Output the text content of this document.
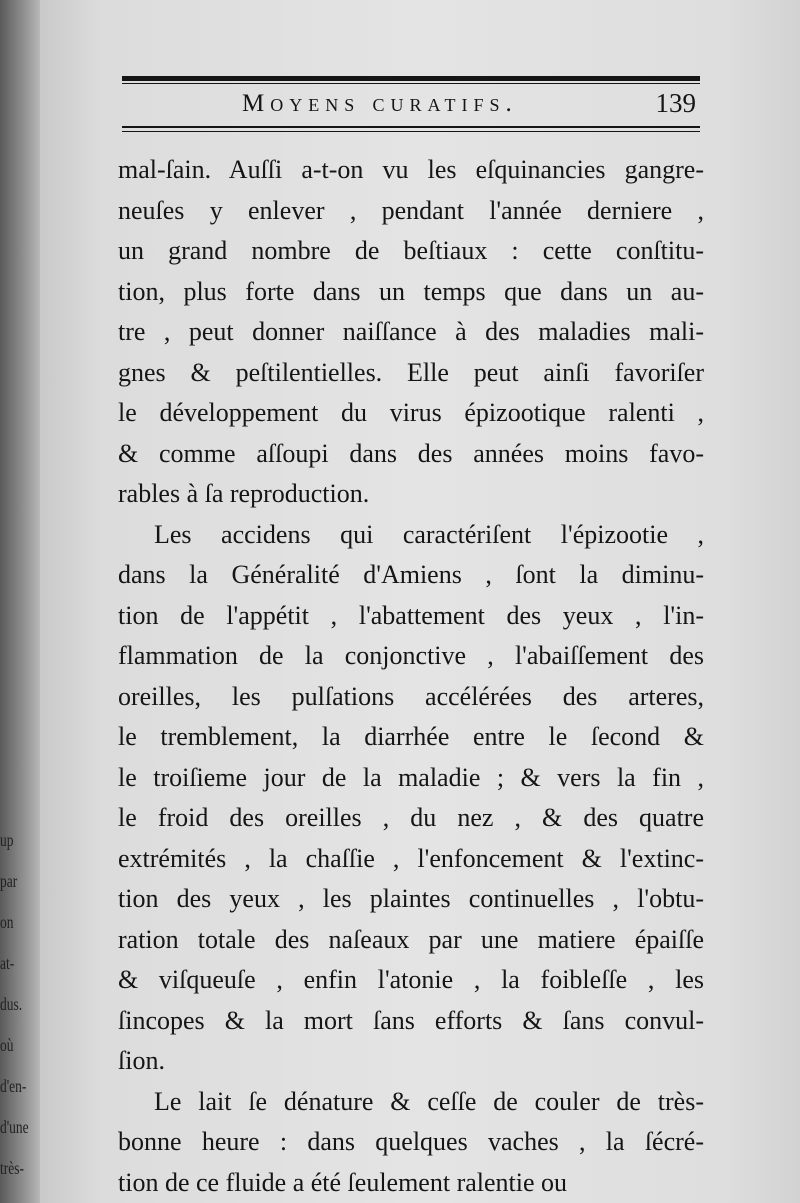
up
par
on
at-
dus.
où
d'en-
d'une
très-
Moyens curatifs.	139
mal-ſain. Auſſi a-t-on vu les eſquinancies gangre-
neuſes y enlever , pendant l'année derniere ,
un grand nombre de beſtiaux : cette conſtitu-
tion, plus forte dans un temps que dans un au-
tre , peut donner naiſſance à des maladies mali-
gnes & peſtilentielles. Elle peut ainſi favoriſer
le développement du virus épizootique ralenti ,
& comme aſſoupi dans des années moins favo-
rables à ſa reproduction.
Les accidens qui caractériſent l'épizootie ,
dans la Généralité d'Amiens , ſont la diminu-
tion de l'appétit , l'abattement des yeux , l'in-
flammation de la conjonctive , l'abaiſſement des
oreilles, les pulſations accélérées des arteres,
le tremblement, la diarrhée entre le ſecond &
le troiſieme jour de la maladie ; & vers la fin ,
le froid des oreilles , du nez , & des quatre
extrémités , la chaſſie , l'enfoncement & l'extinc-
tion des yeux , les plaintes continuelles , l'obtu-
ration totale des naſeaux par une matiere épaiſſe
& viſqueuſe , enfin l'atonie , la foibleſſe , les
ſincopes & la mort ſans efforts & ſans convul-
ſion.
Le lait ſe dénature & ceſſe de couler de très-
bonne heure : dans quelques vaches , la ſécré-
tion de ce fluide a été ſeulement ralentie ou
